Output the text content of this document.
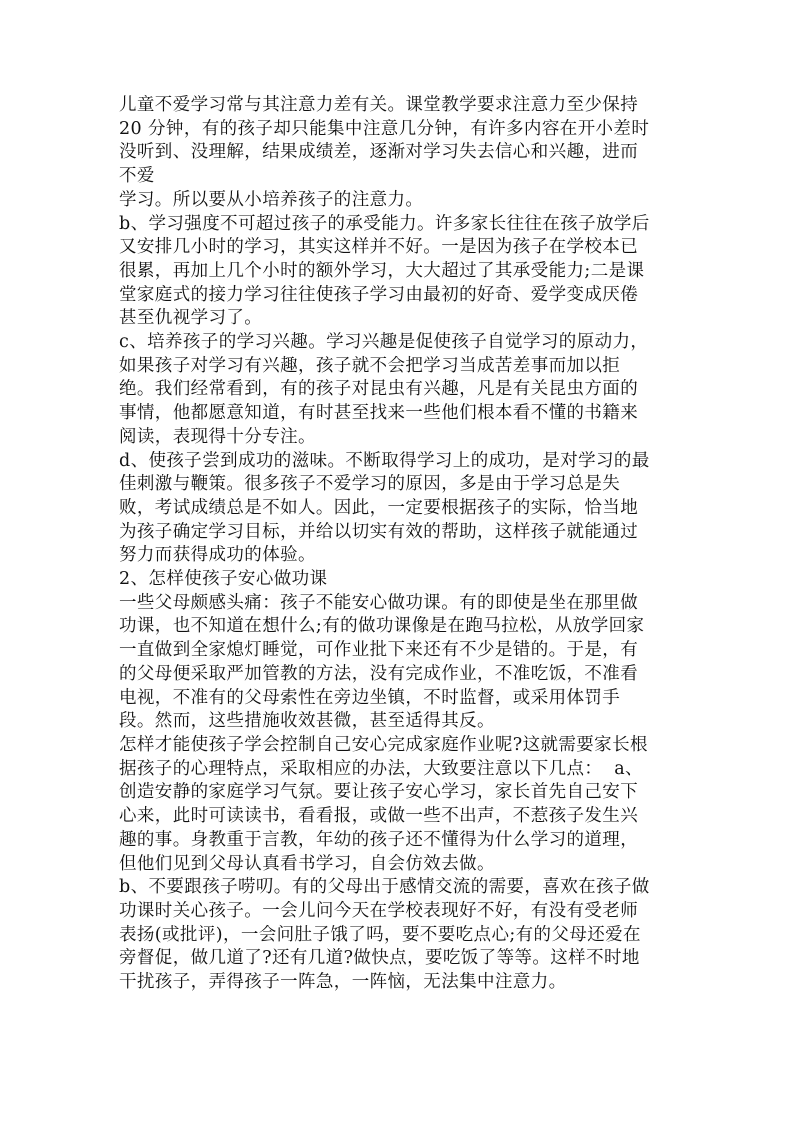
儿童不爱学习常与其注意力差有关。课堂教学要求注意力至少保持
20 分钟，有的孩子却只能集中注意几分钟，有许多内容在开小差时
没听到、没理解，结果成绩差，逐渐对学习失去信心和兴趣，进而
不爱
学习。所以要从小培养孩子的注意力。
b、学习强度不可超过孩子的承受能力。许多家长往往在孩子放学后
又安排几小时的学习，其实这样并不好。一是因为孩子在学校本已
很累，再加上几个小时的额外学习，大大超过了其承受能力;二是课
堂家庭式的接力学习往往使孩子学习由最初的好奇、爱学变成厌倦
甚至仇视学习了。
c、培养孩子的学习兴趣。学习兴趣是促使孩子自觉学习的原动力，
如果孩子对学习有兴趣，孩子就不会把学习当成苦差事而加以拒
绝。我们经常看到，有的孩子对昆虫有兴趣，凡是有关昆虫方面的
事情，他都愿意知道，有时甚至找来一些他们根本看不懂的书籍来
阅读，表现得十分专注。
d、使孩子尝到成功的滋味。不断取得学习上的成功，是对学习的最
佳刺激与鞭策。很多孩子不爱学习的原因，多是由于学习总是失
败，考试成绩总是不如人。因此，一定要根据孩子的实际，恰当地
为孩子确定学习目标，并给以切实有效的帮助，这样孩子就能通过
努力而获得成功的体验。
2、怎样使孩子安心做功课
一些父母颇感头痛：孩子不能安心做功课。有的即使是坐在那里做
功课，也不知道在想什么;有的做功课像是在跑马拉松，从放学回家
一直做到全家熄灯睡觉，可作业批下来还有不少是错的。于是，有
的父母便采取严加管教的方法，没有完成作业，不准吃饭，不准看
电视，不准有的父母索性在旁边坐镇，不时监督，或采用体罚手
段。然而，这些措施收效甚微，甚至适得其反。
怎样才能使孩子学会控制自己安心完成家庭作业呢?这就需要家长根
据孩子的心理特点，采取相应的办法，大致要注意以下几点：  a、
创造安静的家庭学习气氛。要让孩子安心学习，家长首先自己安下
心来，此时可读读书，看看报，或做一些不出声，不惹孩子发生兴
趣的事。身教重于言教，年幼的孩子还不懂得为什么学习的道理，
但他们见到父母认真看书学习，自会仿效去做。
b、不要跟孩子唠叨。有的父母出于感情交流的需要，喜欢在孩子做
功课时关心孩子。一会儿问今天在学校表现好不好，有没有受老师
表扬(或批评)，一会问肚子饿了吗，要不要吃点心;有的父母还爱在
旁督促，做几道了?还有几道?做快点，要吃饭了等等。这样不时地
干扰孩子，弄得孩子一阵急，一阵恼，无法集中注意力。
